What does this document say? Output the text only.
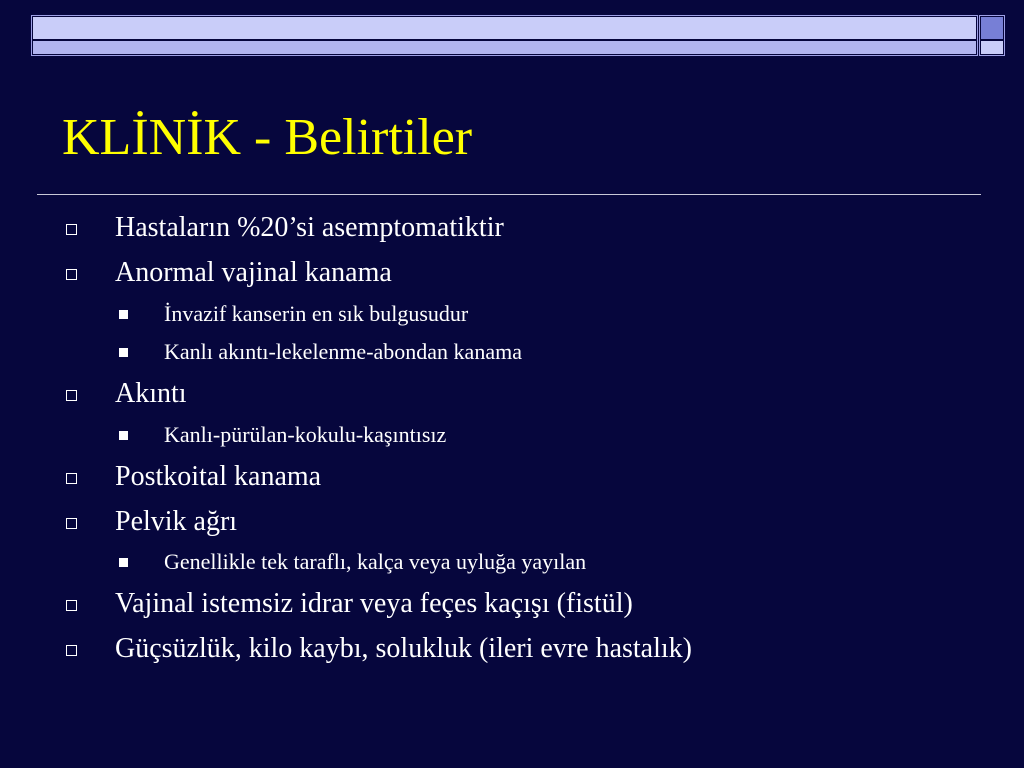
KLİNİK - Belirtiler
Hastaların %20’si asemptomatiktir
Anormal vajinal kanama
İnvazif kanserin en sık bulgusudur
Kanlı akıntı-lekelenme-abondan kanama
Akıntı
Kanlı-pürülan-kokulu-kaşıntısız
Postkoital kanama
Pelvik ağrı
Genellikle tek taraflı, kalça veya uyluğa yayılan
Vajinal istemsiz idrar veya feçes kaçışı (fistül)
Güçsüzlük, kilo kaybı, solukluk (ileri evre hastalık)
